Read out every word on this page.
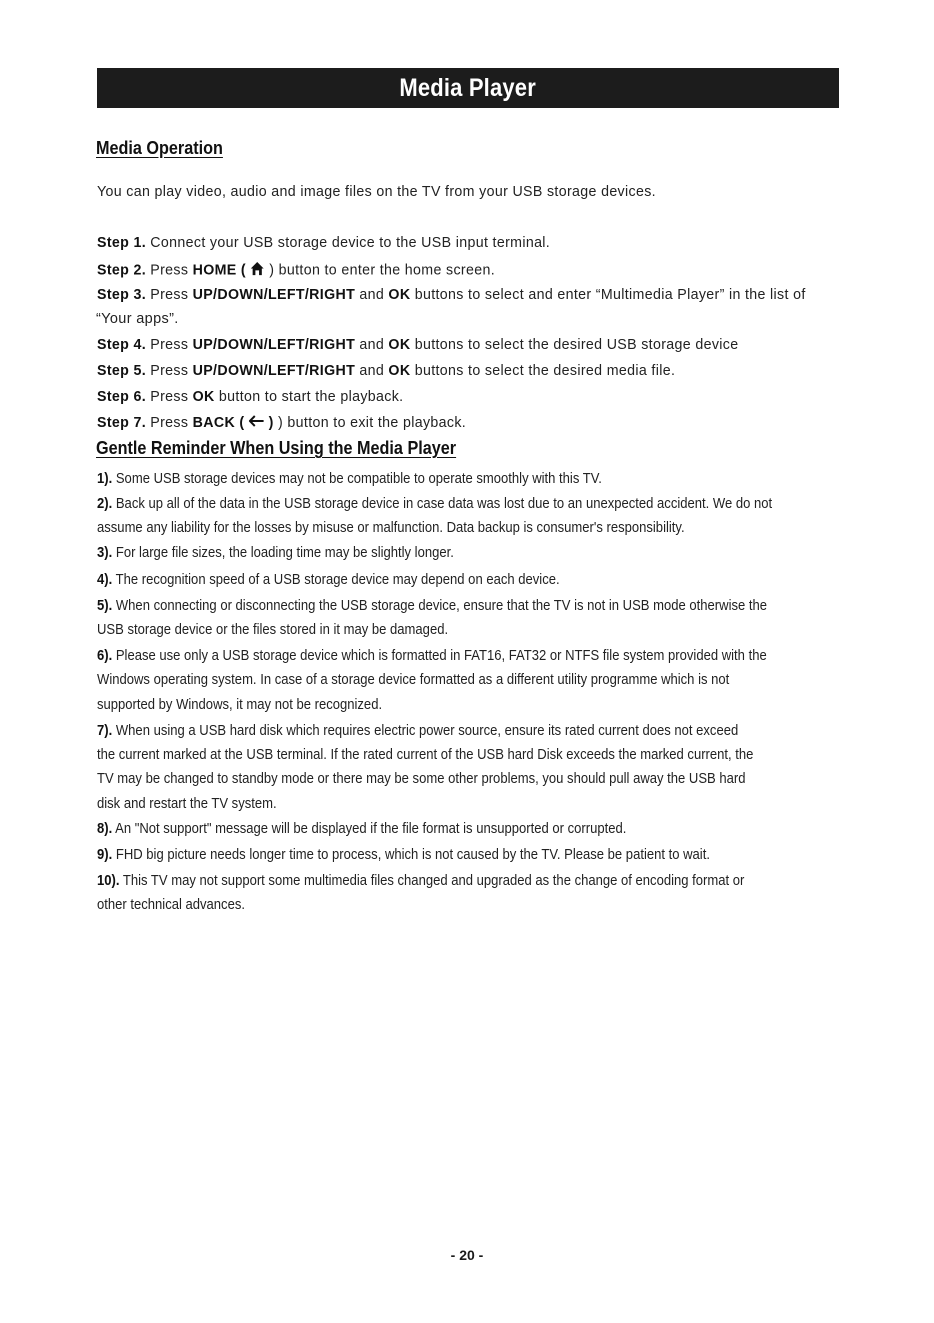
Media Player
Media Operation
You can play video, audio and image files on the TV from your USB storage devices.
Step 1. Connect your USB storage device to the USB input terminal.
Step 2. Press HOME (  ) button to enter the home screen.
Step 3. Press UP/DOWN/LEFT/RIGHT and OK buttons to select and enter “Multimedia Player” in the list of
“Your apps”.
Step 4. Press UP/DOWN/LEFT/RIGHT and OK buttons to select the desired USB storage device
Step 5. Press UP/DOWN/LEFT/RIGHT and OK buttons to select the desired media file.
Step 6. Press OK button to start the playback.
Step 7. Press BACK (  ) ) button to exit the playback.
Gentle Reminder When Using the Media Player
1). Some USB storage devices may not be compatible to operate smoothly with this TV.
2). Back up all of the data in the USB storage device in case data was lost due to an unexpected accident. We do not
assume any liability for the losses by misuse or malfunction. Data backup is consumer's responsibility.
3). For large file sizes, the loading time may be slightly longer.
4). The recognition speed of a USB storage device may depend on each device.
5). When connecting or disconnecting the USB storage device, ensure that the TV is not in USB mode otherwise the
USB storage device or the files stored in it may be damaged.
6). Please use only a USB storage device which is formatted in FAT16, FAT32 or NTFS file system provided with the
Windows operating system. In case of a storage device formatted as a different utility programme which is not
supported by Windows, it may not be recognized.
7). When using a USB hard disk which requires electric power source, ensure its rated current does not exceed
the current marked at the USB terminal. If the rated current of the USB hard Disk exceeds the marked current, the
TV may be changed to standby mode or there may be some other problems, you should pull away the USB hard
disk and restart the TV system.
8). An "Not support" message will be displayed if the file format is unsupported or corrupted.
9). FHD big picture needs longer time to process, which is not caused by the TV. Please be patient to wait.
10). This TV may not support some multimedia files changed and upgraded as the change of encoding format or
other technical advances.
- 20 -
